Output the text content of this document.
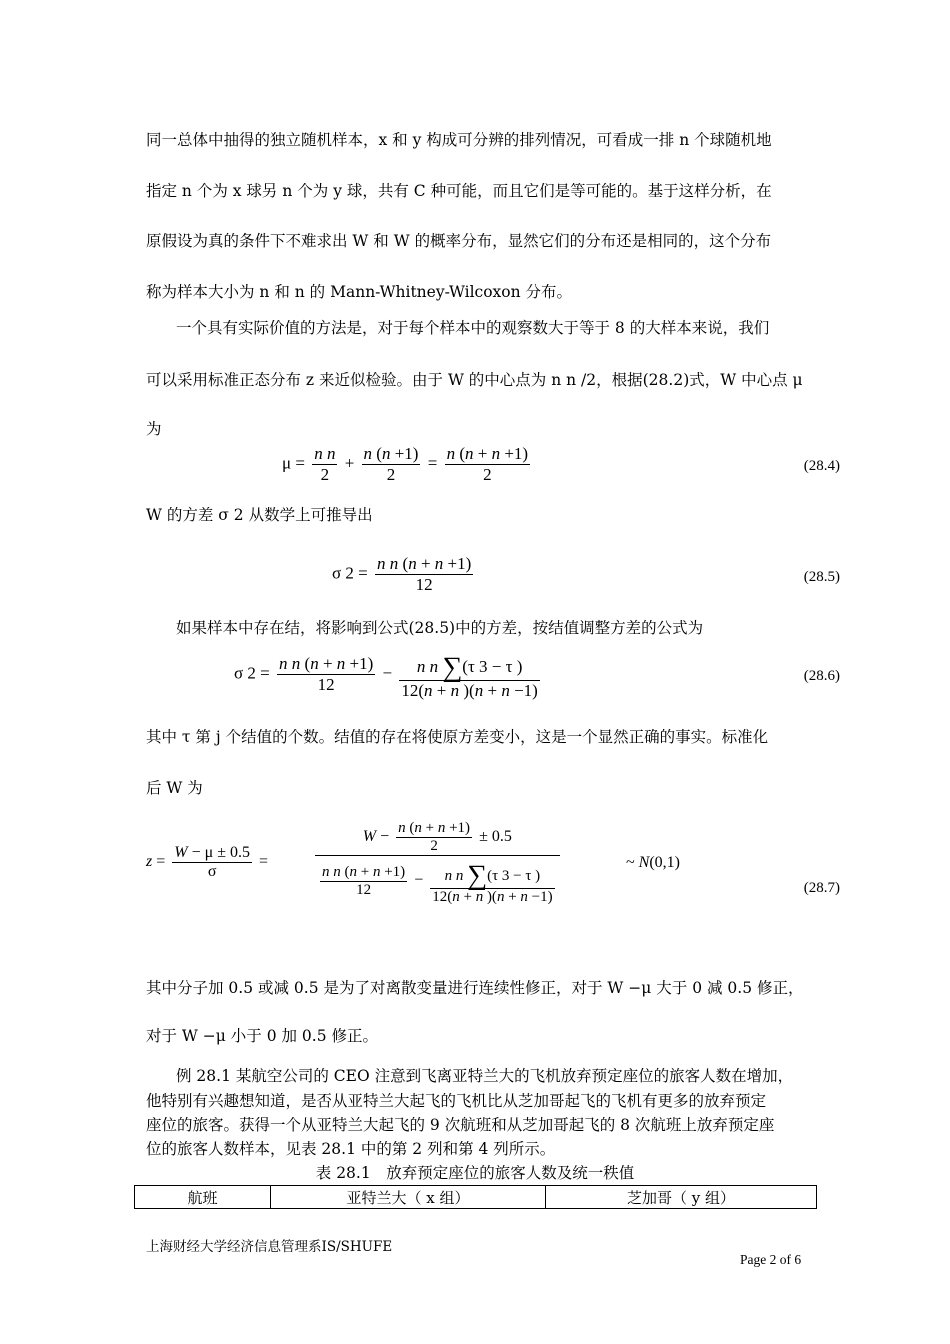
同一总体中抽得的独立随机样本，x 和 y 构成可分辨的排列情况，可看成一排 n 个球随机地
指定 n 个为 x 球另 n 个为 y 球，共有 C 种可能，而且它们是等可能的。基于这样分析，在
原假设为真的条件下不难求出 W 和 W 的概率分布，显然它们的分布还是相同的，这个分布
称为样本大小为 n 和 n 的 Mann-Whitney-Wilcoxon 分布。
一个具有实际价值的方法是，对于每个样本中的观察数大于等于 8 的大样本来说，我们
可以采用标准正态分布 z 来近似检验。由于 W 的中心点为 n n /2，根据(28.2)式，W 中心点 μ
为
$\mu = \frac{\text{n n}}{2} + \frac{n (n +1)}{2} = \frac{n (n + n +1)}{2}$	(28.4)
W 的方差 σ 2 从数学上可推导出
σ $2 = \frac{\text{n n (n + n +1)}}{12}$	(28.5)
如果样本中存在结，将影响到公式(28.5)中的方差，按结值调整方差的公式为
σ $2 = \frac{\text{n n (n + n +1)}}{12} - \frac{\text{n n ∑(τ 3 − τ )}}{12(n + n )(n + n -1)}$	(28.6)
其中 τ 第 j 个结值的个数。结值的存在将使原方差变小，这是一个显然正确的事实。标准化
后 W 为
$z = \frac{W - \mu \pm 0.5}{\sigma}$ =	$\frac{W - \frac{n (n + n +1)}{2} \pm 0.5}{\frac{\text{n n (n + n +1)}}{12} - \frac{\text{n n ∑(τ 3 − τ )}}{12(n + n )(n + n -1)}}$	~ N(0,1)
(28.7)
其中分子加 0.5 或减 0.5 是为了对离散变量进行连续性修正，对于 W −μ 大于 0 减 0.5 修正，
对于 W −μ 小于 0 加 0.5 修正。
例 28.1 某航空公司的 CEO 注意到飞离亚特兰大的飞机放弃预定座位的旅客人数在增加，
他特别有兴趣想知道，是否从亚特兰大起飞的飞机比从芝加哥起飞的飞机有更多的放弃预定
座位的旅客。获得一个从亚特兰大起飞的 9 次航班和从芝加哥起飞的 8 次航班上放弃预定座
位的旅客人数样本，见表 28.1 中的第 2 列和第 4 列所示。
表 28.1　放弃预定座位的旅客人数及统一秩值
航班	亚特兰大（ x 组）	芝加哥（ y 组）
上海财经大学经济信息管理系IS/SHUFE
Page 2 of 6
